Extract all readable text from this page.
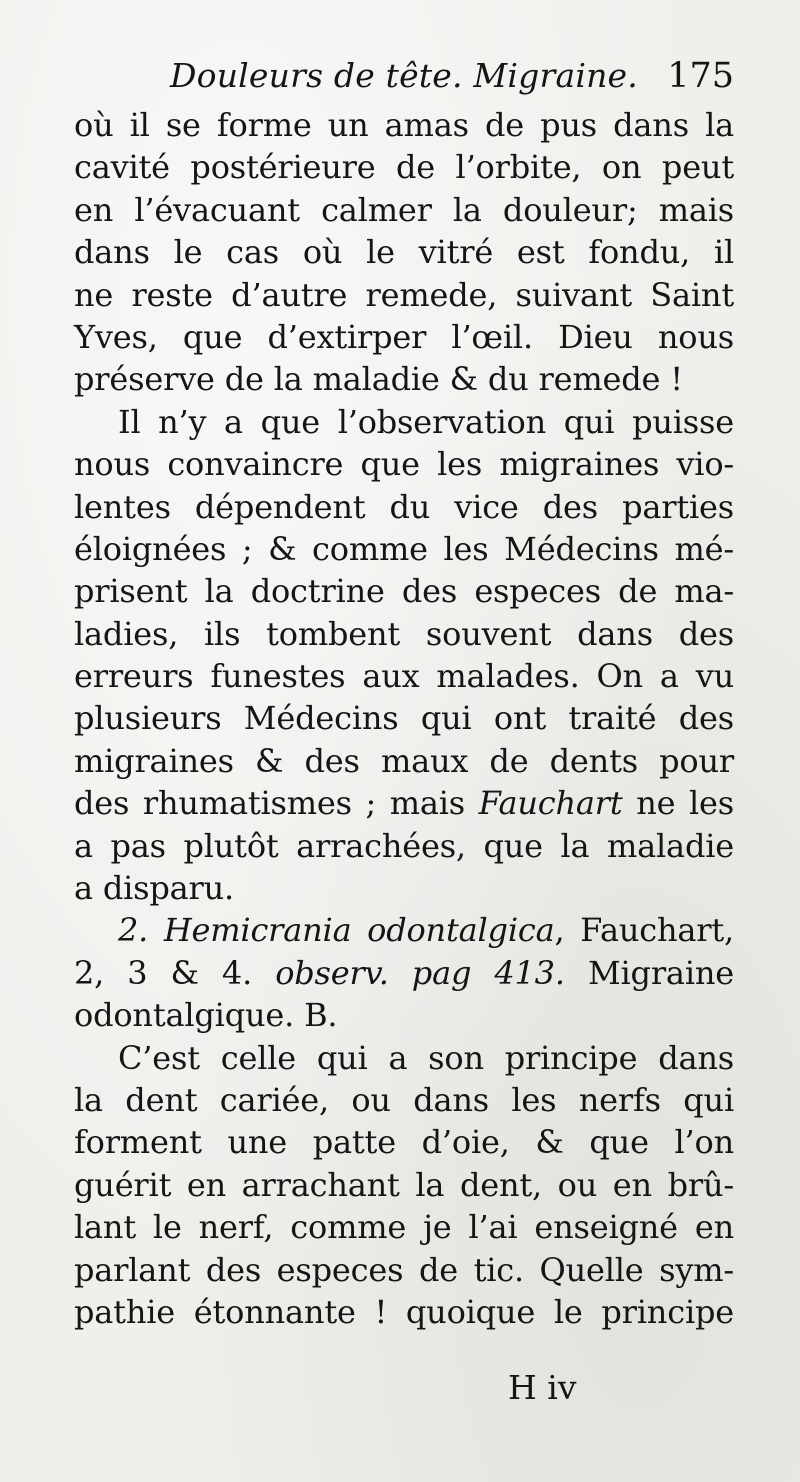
Douleurs de tête. Migraine. 175
où il se forme un amas de pus dans la
cavité postérieure de l’orbite, on peut
en l’évacuant calmer la douleur; mais
dans le cas où le vitré est fondu, il
ne reste d’autre remede, suivant Saint
Yves, que d’extirper l’œil. Dieu nous
préserve de la maladie & du remede !
Il n’y a que l’observation qui puisse
nous convaincre que les migraines vio-
lentes dépendent du vice des parties
éloignées ; & comme les Médecins mé-
prisent la doctrine des especes de ma-
ladies, ils tombent souvent dans des
erreurs funestes aux malades. On a vu
plusieurs Médecins qui ont traité des
migraines & des maux de dents pour
des rhumatismes ; mais Fauchart ne les
a pas plutôt arrachées, que la maladie
a disparu.
2. Hemicrania odontalgica, Fauchart,
2, 3 & 4. observ. pag 413. Migraine
odontalgique. B.
C’est celle qui a son principe dans
la dent cariée, ou dans les nerfs qui
forment une patte d’oie, & que l’on
guérit en arrachant la dent, ou en brû-
lant le nerf, comme je l’ai enseigné en
parlant des especes de tic. Quelle sym-
pathie étonnante ! quoique le principe
H iv
